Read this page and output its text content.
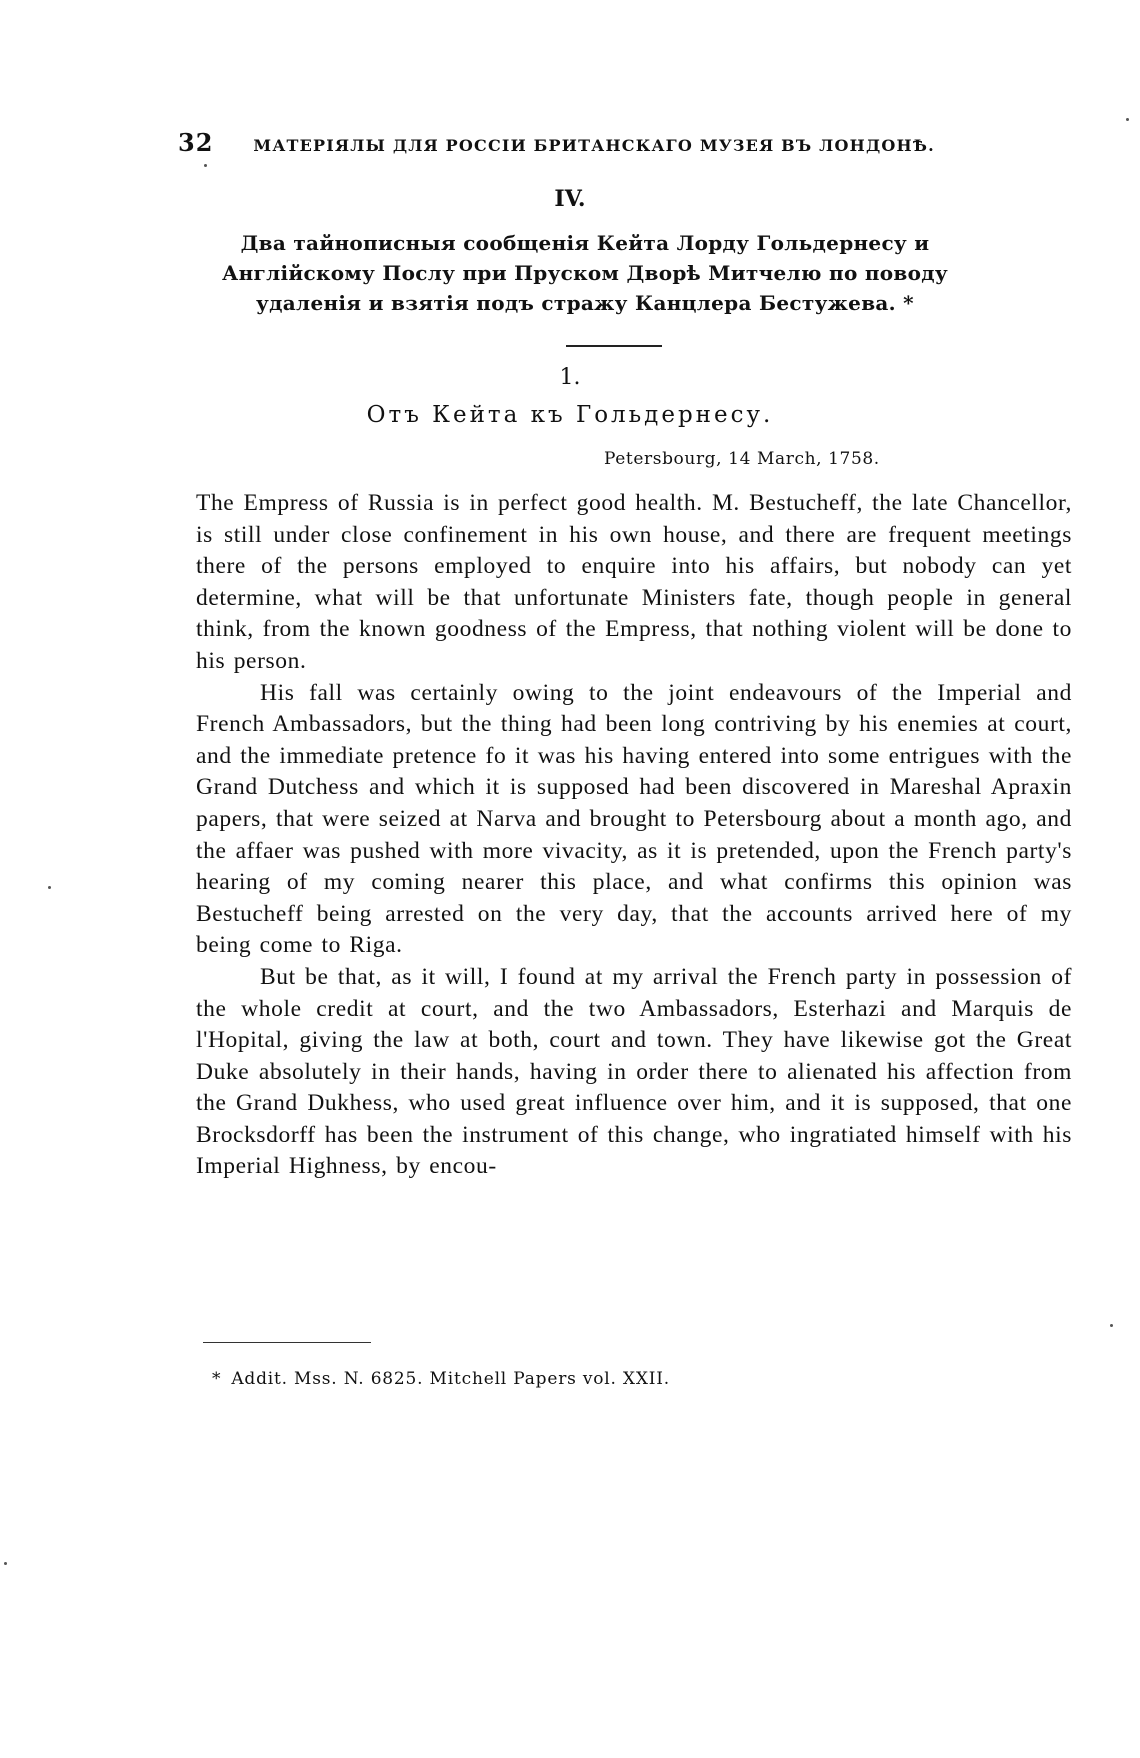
32	МАТЕРІЯЛЫ ДЛЯ РОССІИ БРИТАНСКАГО МУЗЕЯ ВЪ ЛОНДОНѢ.
IV.
Два тайнописныя сообщенія Кейта Лорду Гольдернесу и Англійскому Послу при Пруском Дворѣ Митчелю по поводу удаленія и взятія подъ стражу Канцлера Бестужева. *
1.
Отъ Кейта къ Гольдернесу.
Petersbourg, 14 March, 1758.

The Empress of Russia is in perfect good health. M. Bestucheff, the late Chancellor, is still under close confinement in his own house, and there are frequent meetings there of the persons employed to enquire into his affairs, but nobody can yet determine, what will be that unfortunate Ministers fate, though people in general think, from the known goodness of the Empress, that nothing violent will be done to his person.

His fall was certainly owing to the joint endeavours of the Imperial and French Ambassadors, but the thing had been long contriving by his enemies at court, and the immediate pretence fo it was his having entered into some entrigues with the Grand Dutchess and which it is supposed had been discovered in Mareshal Apraxin papers, that were seized at Narva and brought to Petersbourg about a month ago, and the affaer was pushed with more vivacity, as it is pretended, upon the French party's hearing of my coming nearer this place, and what confirms this opinion was Bestucheff being arrested on the very day, that the accounts arrived here of my being come to Riga.

But be that, as it will, I found at my arrival the French party in possession of the whole credit at court, and the two Ambassadors, Esterhazi and Marquis de l'Hopital, giving the law at both, court and town. They have likewise got the Great Duke absolutely in their hands, having in order there to alienated his affection from the Grand Dukhess, who used great influence over him, and it is supposed, that one Brocksdorff has been the instrument of this change, who ingratiated himself with his Imperial Highness, by encou-

* Addit. Mss. N. 6825. Mitchell Papers vol. XXII.
